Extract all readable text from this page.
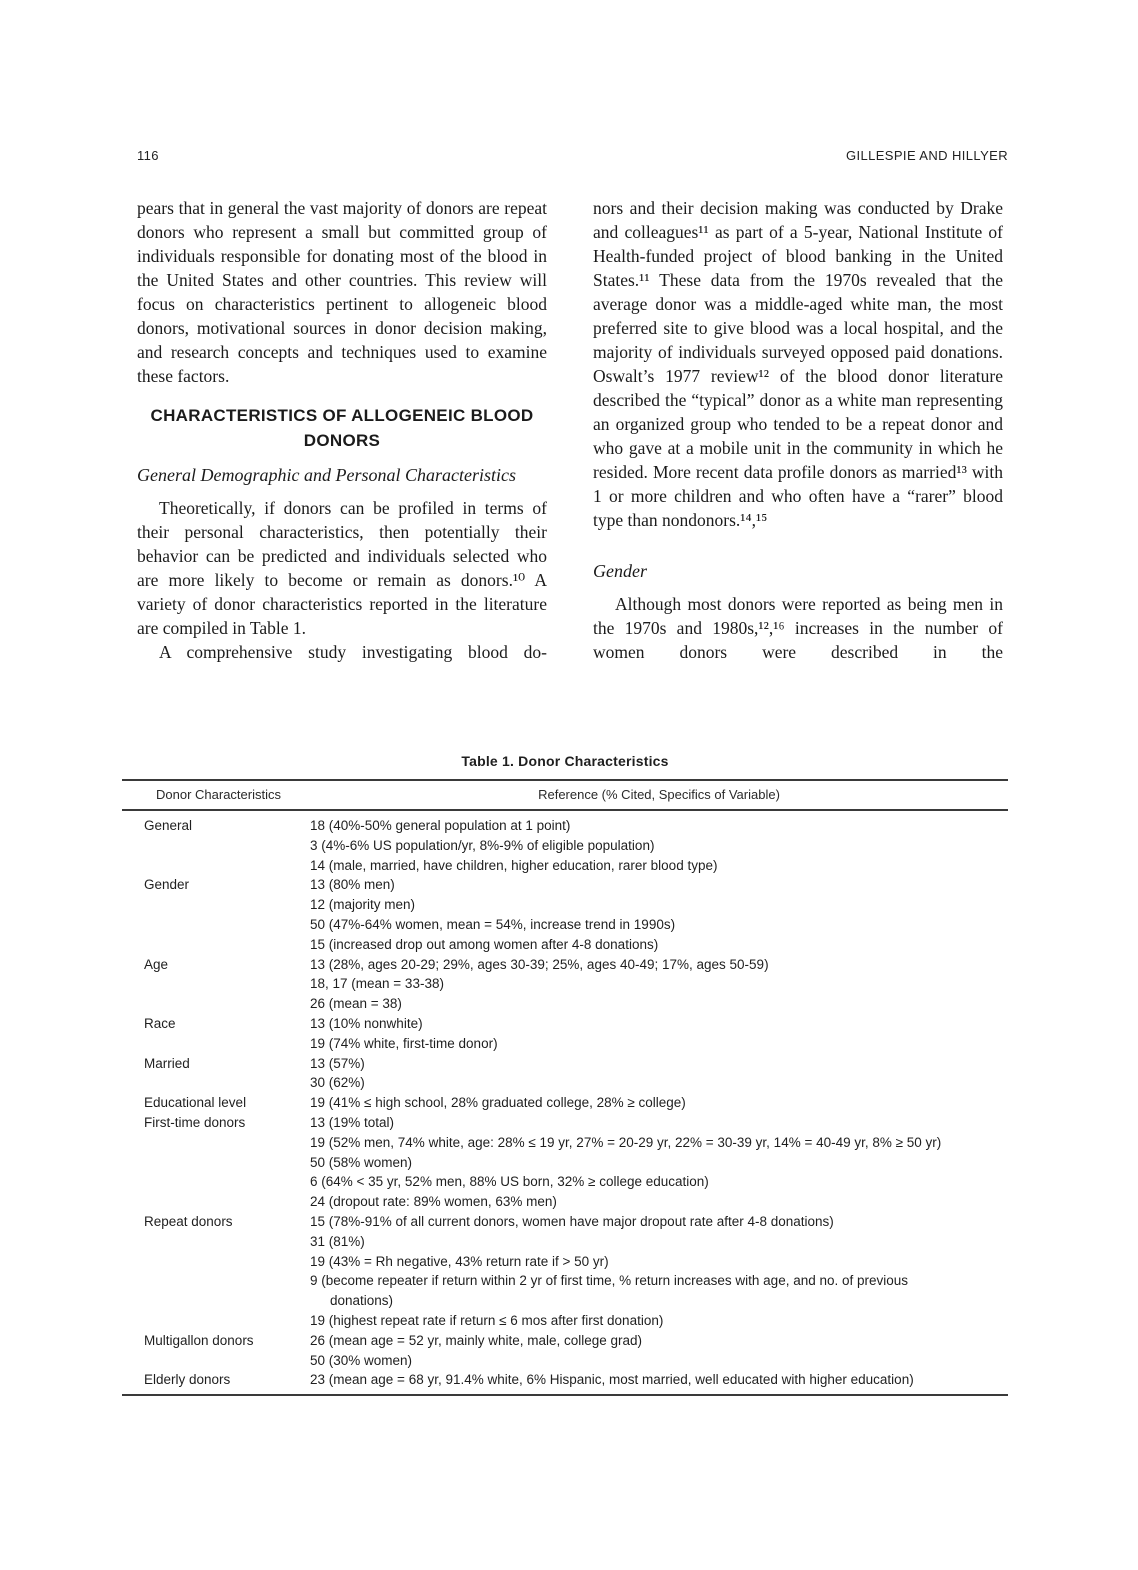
116	GILLESPIE AND HILLYER

pears that in general the vast majority of donors are repeat donors who represent a small but committed group of individuals responsible for donating most of the blood in the United States and other countries. This review will focus on characteristics pertinent to allogeneic blood donors, motivational sources in donor decision making, and research concepts and techniques used to examine these factors.

CHARACTERISTICS OF ALLOGENEIC BLOOD DONORS
General Demographic and Personal Characteristics

Theoretically, if donors can be profiled in terms of their personal characteristics, then potentially their behavior can be predicted and individuals selected who are more likely to become or remain as donors.¹⁰ A variety of donor characteristics reported in the literature are compiled in Table 1.

A comprehensive study investigating blood do-

nors and their decision making was conducted by Drake and colleagues¹¹ as part of a 5-year, National Institute of Health-funded project of blood banking in the United States.¹¹ These data from the 1970s revealed that the average donor was a middle-aged white man, the most preferred site to give blood was a local hospital, and the majority of individuals surveyed opposed paid donations. Oswalt’s 1977 review¹² of the blood donor literature described the “typical” donor as a white man representing an organized group who tended to be a repeat donor and who gave at a mobile unit in the community in which he resided. More recent data profile donors as married¹³ with 1 or more children and who often have a “rarer” blood type than nondonors.¹⁴,¹⁵

Gender

Although most donors were reported as being men in the 1970s and 1980s,¹²,¹⁶ increases in the number of women donors were described in the

Table 1. Donor Characteristics
Donor Characteristics	Reference (% Cited, Specifics of Variable)
General	18 (40%-50% general population at 1 point)
3 (4%-6% US population/yr, 8%-9% of eligible population)
14 (male, married, have children, higher education, rarer blood type)
Gender	13 (80% men)
12 (majority men)
50 (47%-64% women, mean = 54%, increase trend in 1990s)
15 (increased drop out among women after 4-8 donations)
Age	13 (28%, ages 20-29; 29%, ages 30-39; 25%, ages 40-49; 17%, ages 50-59)
18, 17 (mean = 33-38)
26 (mean = 38)
Race	13 (10% nonwhite)
19 (74% white, first-time donor)
Married	13 (57%)
30 (62%)
Educational level	19 (41% ≤ high school, 28% graduated college, 28% ≥ college)
First-time donors	13 (19% total)
19 (52% men, 74% white, age: 28% ≤ 19 yr, 27% = 20-29 yr, 22% = 30-39 yr, 14% = 40-49 yr, 8% ≥ 50 yr)
50 (58% women)
6 (64% < 35 yr, 52% men, 88% US born, 32% ≥ college education)
24 (dropout rate: 89% women, 63% men)
Repeat donors	15 (78%-91% of all current donors, women have major dropout rate after 4-8 donations)
31 (81%)
19 (43% = Rh negative, 43% return rate if > 50 yr)
9 (become repeater if return within 2 yr of first time, % return increases with age, and no. of previous donations)
19 (highest repeat rate if return ≤ 6 mos after first donation)
Multigallon donors	26 (mean age = 52 yr, mainly white, male, college grad)
50 (30% women)
Elderly donors	23 (mean age = 68 yr, 91.4% white, 6% Hispanic, most married, well educated with higher education)
